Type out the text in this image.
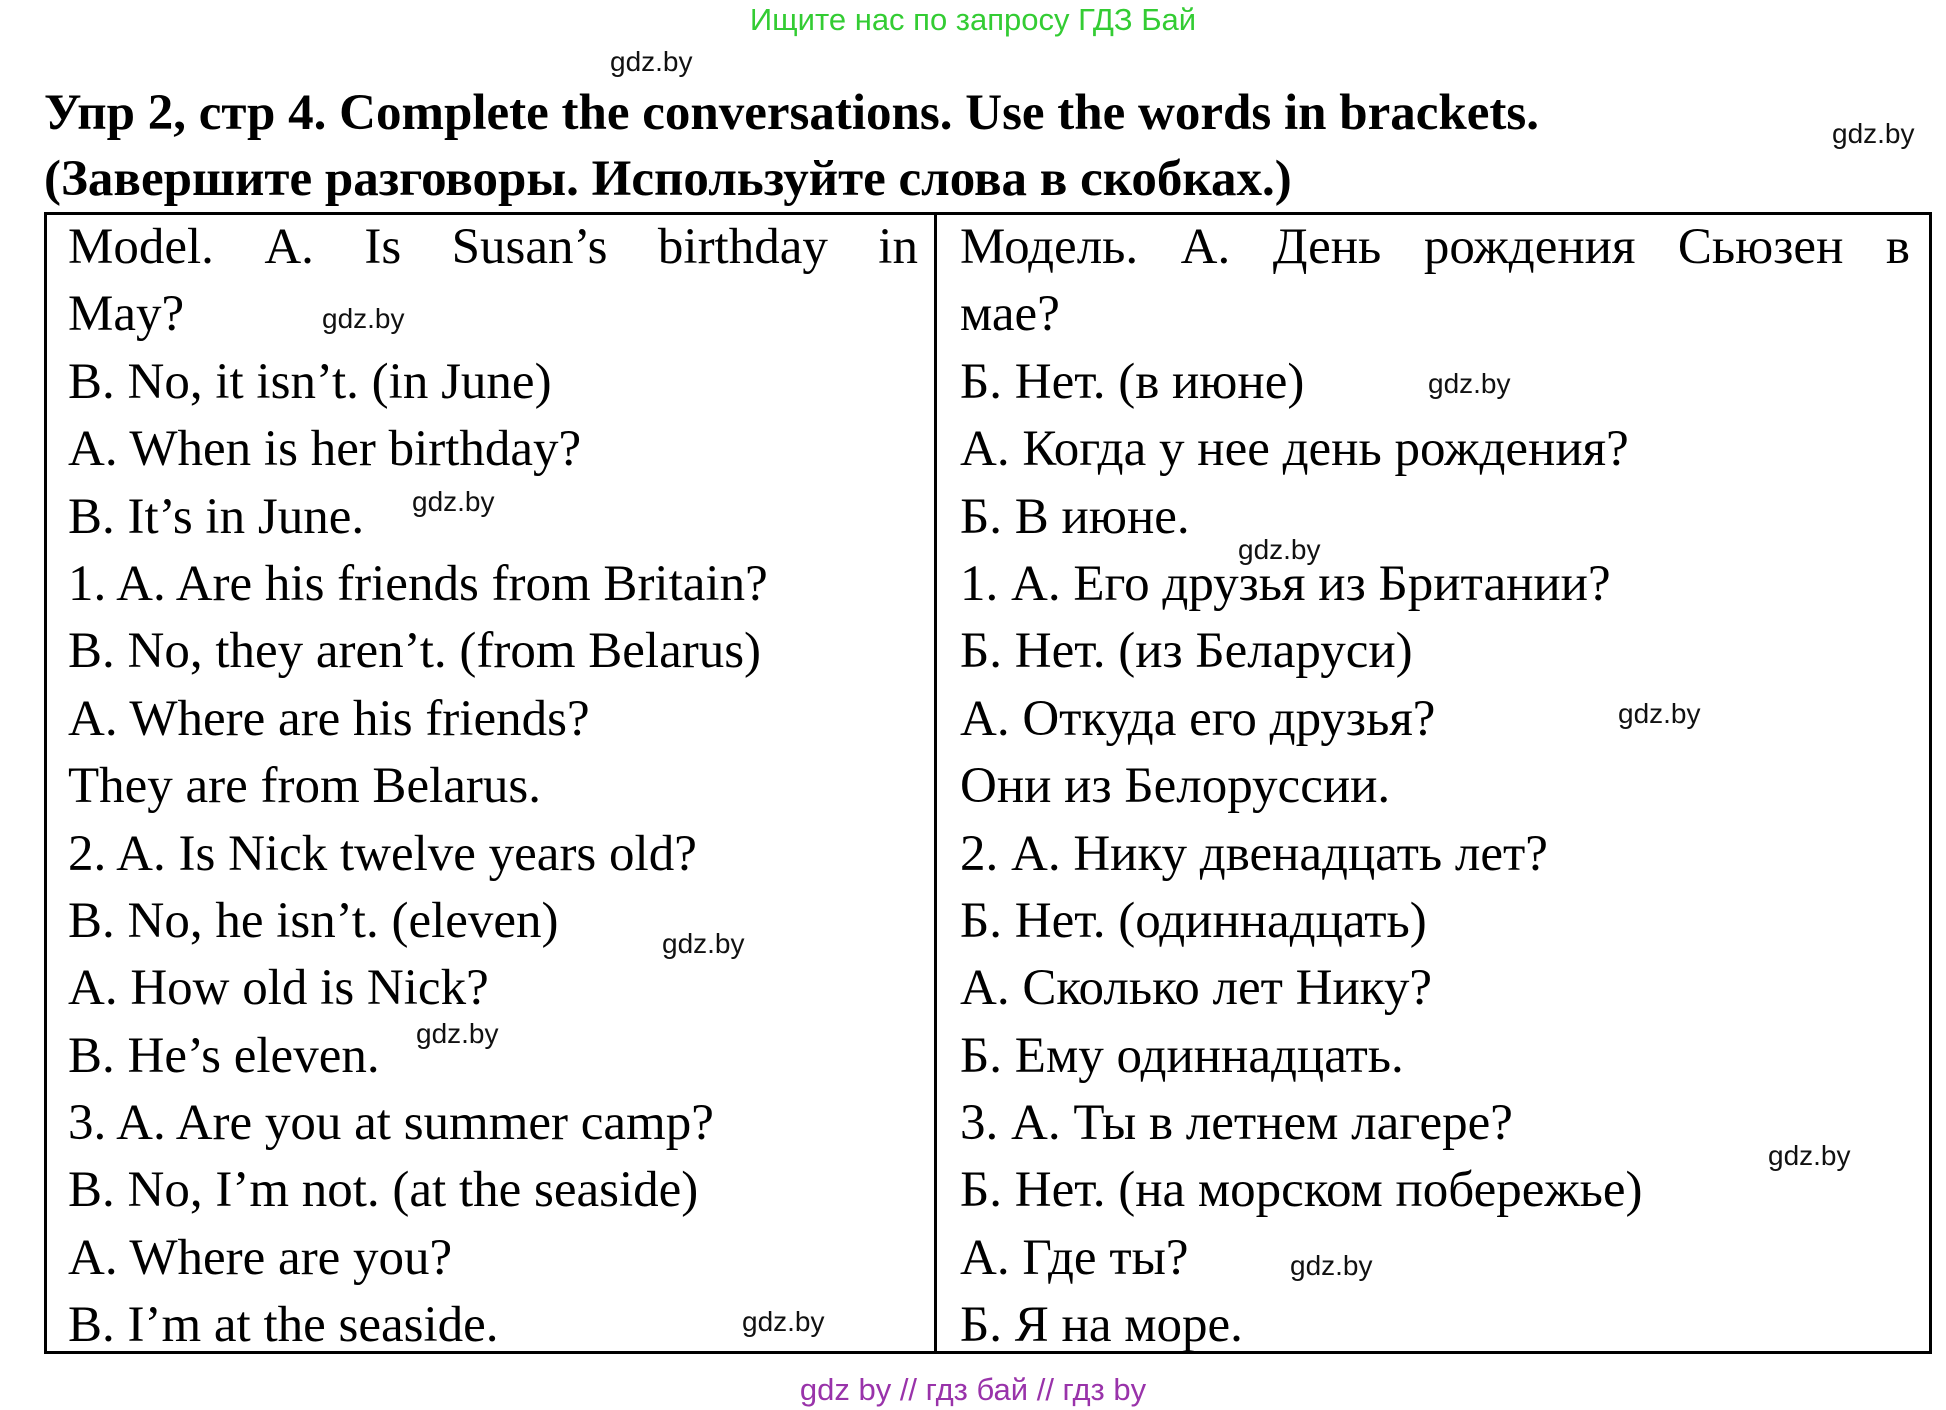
Ищите нас по запросу ГДЗ Бай
Упр 2, стр 4. Complete the conversations. Use the words in brackets.
(Завершите разговоры. Используйте слова в скобках.)
Model. A. Is Susan’s birthday in
May?
B. No, it isn’t. (in June)
A. When is her birthday?
B. It’s in June.
1. A. Are his friends from Britain?
B. No, they aren’t. (from Belarus)
A. Where are his friends?
They are from Belarus.
2. A. Is Nick twelve years old?
B. No, he isn’t. (eleven)
A. How old is Nick?
B. He’s eleven.
3. A. Are you at summer camp?
B. No, I’m not. (at the seaside)
A. Where are you?
B. I’m at the seaside.
Модель. А. День рождения Сьюзен в
мае?
Б. Нет. (в июне)
А. Когда у нее день рождения?
Б. В июне.
1. А. Его друзья из Британии?
Б. Нет. (из Беларуси)
А. Откуда его друзья?
Они из Белоруссии.
2. А. Нику двенадцать лет?
Б. Нет. (одиннадцать)
А. Сколько лет Нику?
Б. Ему одиннадцать.
3. А. Ты в летнем лагере?
Б. Нет. (на морском побережье)
А. Где ты?
Б. Я на море.
gdz.by
gdz.by
gdz.by
gdz.by
gdz.by
gdz.by
gdz.by
gdz.by
gdz.by
gdz.by
gdz.by
gdz.by
gdz by // гдз бай // гдз by
